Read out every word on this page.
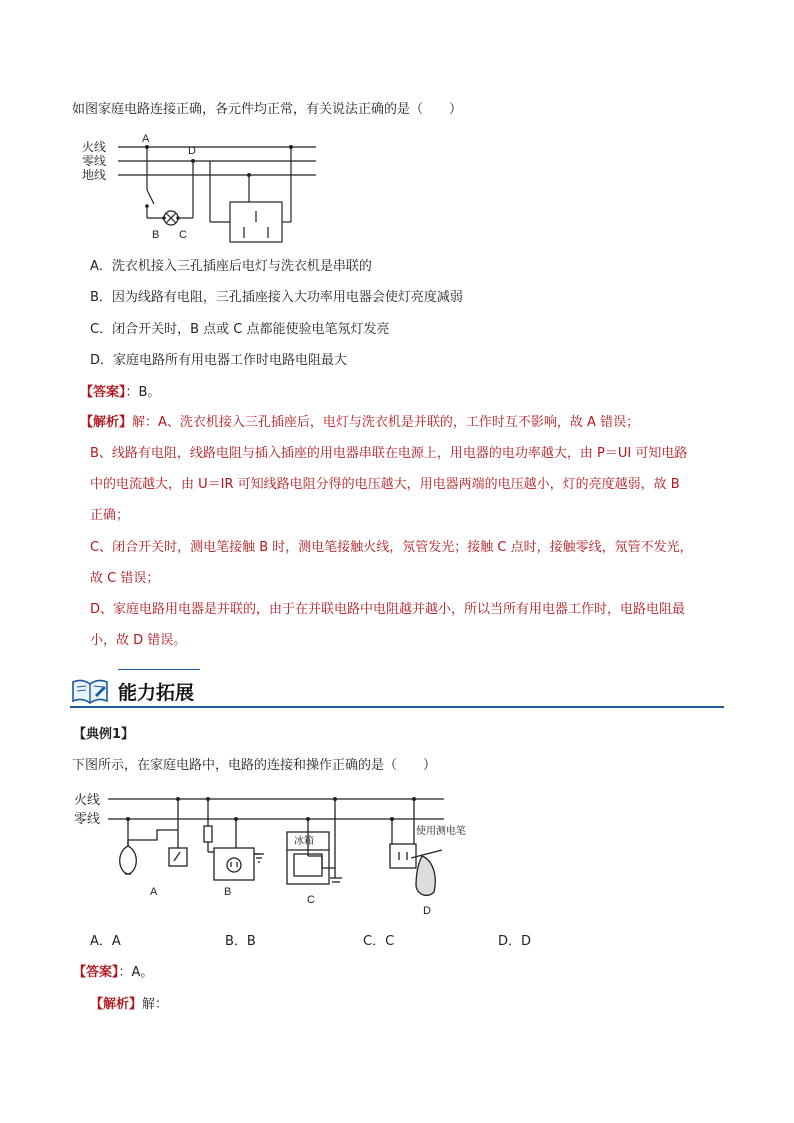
如图家庭电路连接正确，各元件均正常，有关说法正确的是（　　）
火线
零线
地线
A
D
B C
A．洗衣机接入三孔插座后电灯与洗衣机是串联的
B．因为线路有电阻，三孔插座接入大功率用电器会使灯亮度减弱
C．闭合开关时，B 点或 C 点都能使验电笔氖灯发亮
D．家庭电路所有用电器工作时电路电阻最大
【答案】：B。
【解析】解：A、洗衣机接入三孔插座后，电灯与洗衣机是并联的，工作时互不影响，故 A 错误；
B、线路有电阻，线路电阻与插入插座的用电器串联在电源上，用电器的电功率越大，由 P＝UI 可知电路
中的电流越大，由 U＝IR 可知线路电阻分得的电压越大，用电器两端的电压越小，灯的亮度越弱，故 B
正确；
C、闭合开关时，测电笔接触 B 时，测电笔接触火线，氖管发光；接触 C 点时，接触零线，氖管不发光，
故 C 错误；
D、家庭电路用电器是并联的，由于在并联电路中电阻越并越小，所以当所有用电器工作时，电路电阻最
小，故 D 错误。
能力拓展
【典例1】
下图所示，在家庭电路中，电路的连接和操作正确的是（　　）
火线
零线
冰箱
使用测电笔
A	B
C
D
A．A	B．B	C．C	D．D
【答案】：A。
【解析】解：
